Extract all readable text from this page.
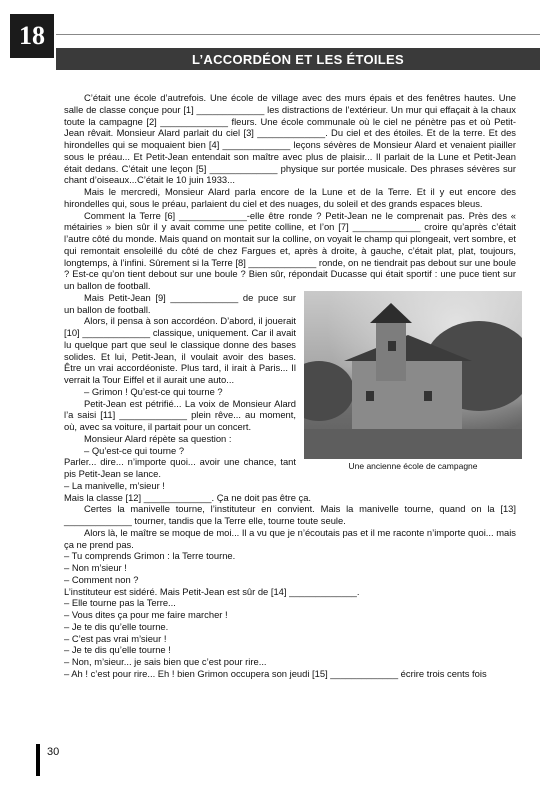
18
L’ACCORDÉON ET LES ÉTOILES

C’était une école d’autrefois. Une école de village avec des murs épais et des fenêtres hautes. Une salle de classe conçue pour [1] _____________ les distractions de l’extérieur. Un mur qui effaçait à la chaux toute la campagne [2] _____________ fleurs. Une école communale où le ciel ne pénètre pas et où Petit-Jean rêvait. Monsieur Alard parlait du ciel [3] _____________. Du ciel et des étoiles. Et de la terre. Et des hirondelles qui se moquaient bien [4] _____________ leçons sévères de Monsieur Alard et venaient piailler sous le préau... Et Petit-Jean entendait son maître avec plus de plaisir... Il parlait de la Lune et Petit-Jean était dedans. C’était une leçon [5] _____________ physique sur portée musicale. Des phrases sévères sur chant d’oiseaux...C’était le 10 juin 1933...

Mais le mercredi, Monsieur Alard parla encore de la Lune et de la Terre. Et il y eut encore des hirondelles qui, sous le préau, parlaient du ciel et des nuages, du soleil et des grands espaces bleus.

Comment la Terre [6] _____________-elle être ronde ? Petit-Jean ne le comprenait pas. Près des « métairies » bien sûr il y avait comme une petite colline, et l’on [7] _____________ croire qu’après c’était l’autre côté du monde. Mais quand on montait sur la colline, on voyait le champ qui plongeait, vert sombre, et qui remontait ensoleillé du côté de chez Fargues et, après à droite, à gauche, c’était plat, plat, toujours, longtemps, à l’infini. Sûrement si la Terre [8] _____________ ronde, on ne tiendrait pas debout sur une boule ? Est-ce qu’on tient debout sur une boule ? Bien sûr, répondait Ducasse qui était sportif : une puce tient sur un ballon de football.

Une ancienne école de campagne

Mais Petit-Jean [9] _____________ de puce sur un ballon de football.

Alors, il pensa à son accordéon. D’abord, il jouerait [10] _____________ classique, uniquement. Car il avait lu quelque part que seul le classique donne des bases solides. Et lui, Petit-Jean, il voulait avoir des bases. Être un vrai accordéoniste. Plus tard, il irait à Paris... Il verrait la Tour Eiffel et il aurait une auto...

– Grimon ! Qu’est-ce qui tourne ?

Petit-Jean est pétrifié... La voix de Monsieur Alard l’a saisi [11] _____________ plein rêve... au moment, où, avec sa voiture, il partait pour un concert.

Monsieur Alard répète sa question :

– Qu’est-ce qui tourne ?

Parler... dire... n’importe quoi... avoir une chance, tant pis Petit-Jean se lance.

– La manivelle, m’sieur !

Mais la classe [12] _____________. Ça ne doit pas être ça.

Certes la manivelle tourne, l’instituteur en convient. Mais la manivelle tourne, quand on la [13] _____________ tourner, tandis que la Terre elle, tourne toute seule.

Alors là, le maître se moque de moi... Il a vu que je n’écoutais pas et il me raconte n’importe quoi... mais ça ne prend pas.

– Tu comprends Grimon : la Terre tourne.

– Non m’sieur !

– Comment non ?

L’instituteur est sidéré. Mais Petit-Jean est sûr de [14] _____________.

– Elle tourne pas la Terre...

– Vous dites ça pour me faire marcher !

– Je te dis qu’elle tourne.

– C’est pas vrai m’sieur !

– Je te dis qu’elle tourne !

– Non, m’sieur... je sais bien que c’est pour rire...

– Ah ! c’est pour rire... Eh ! bien Grimon occupera son jeudi [15] _____________ écrire trois cents fois

30
